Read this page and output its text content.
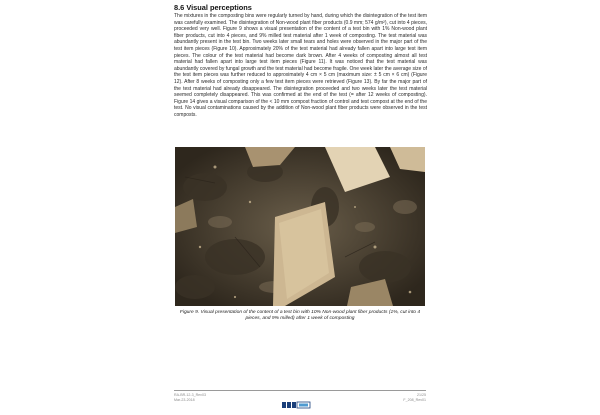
8.6 Visual perceptions

The mixtures in the composting bins were regularly turned by hand, during which the disintegration of the test item was carefully examined. The disintegration of Non-wood plant fiber products (0.9 mm; 574 g/m²), cut into 4 pieces, proceeded very well. Figure 9 shows a visual presentation of the content of a test bin with 1% Non-wood plant fiber products, cut into 4 pieces, and 9% milled test material after 1 week of composting. The test material was abundantly present in the test bin. Two weeks later small tears and holes were observed in the major part of the test item pieces (Figure 10). Approximately 20% of the test material had already fallen apart into large test item pieces. The colour of the test material had become dark brown. After 4 weeks of composting almost all test material had fallen apart into large test item pieces (Figure 11). It was noticed that the test material was abundantly covered by fungal growth and the test material had become fragile. One week later the average size of the test item pieces was further reduced to approximately 4 cm × 5 cm (maximum size: ± 5 cm × 6 cm) (Figure 12). After 8 weeks of composting only a few test item pieces were retrieved (Figure 13). By far the major part of the test material had already disappeared. The disintegration proceeded and two weeks later the test material seemed completely disappeared. This was confirmed at the end of the test (= after 12 weeks of composting). Figure 14 gives a visual comparison of the < 10 mm compost fraction of control and test compost at the end of the test. No visual contaminations caused by the addition of Non-wood plant fiber products were observed in the test composts.

Figure 9. Visual presentation of the content of a test bin with 10% Non-wood plant fiber products (1%, cut into 4 pieces, and 9% milled) after 1 week of composting

RA-BR-12-3_Rev03
Mar-23-2018
21/25
F_208_Rev01
